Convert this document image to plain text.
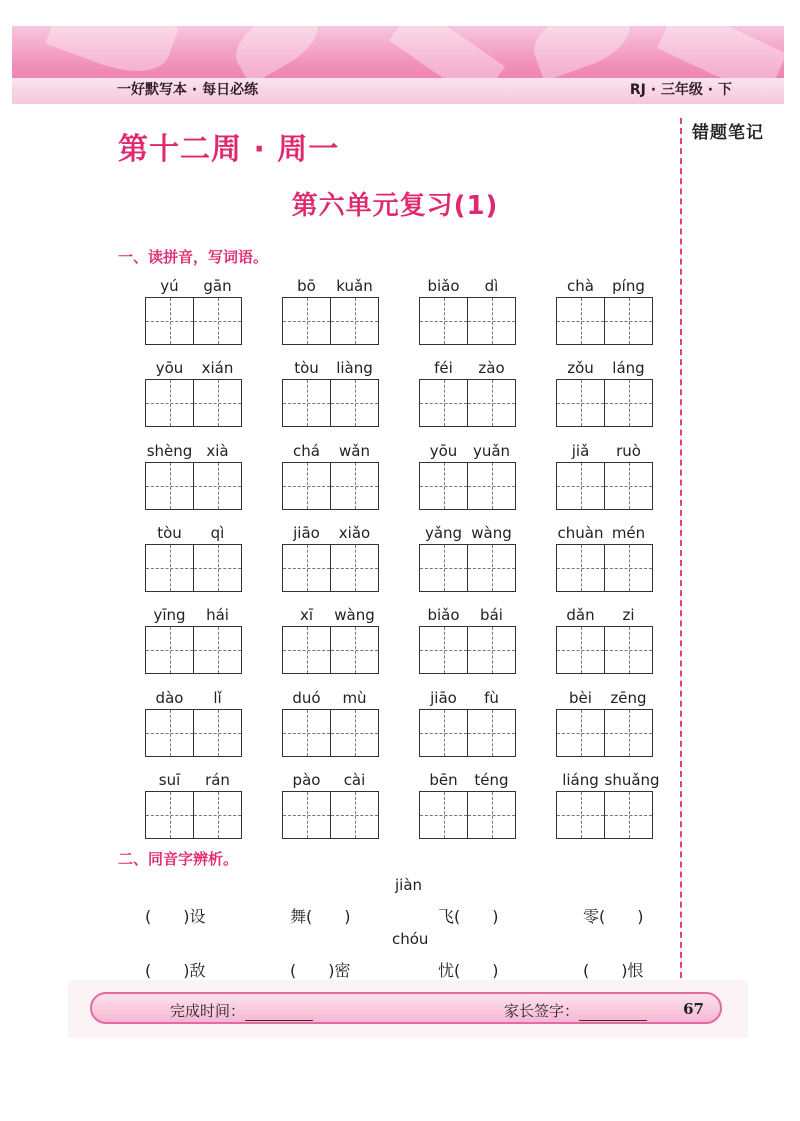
一好默写本 · 每日必练	RJ · 三年级 · 下
错题笔记
第十二周 · 周一
第六单元复习(1)
一、读拼音，写词语。
yú gān	bō kuǎn	biǎo dì	chà píng
yōu xián	tòu liàng	féi zào	zǒu láng
shèng xià	chá wǎn	yōu yuǎn	jiǎ ruò
tòu qì	jiāo xiǎo	yǎng wàng	chuàn mén
yīng hái	xī wàng	biǎo bái	dǎn zi
dào lǐ	duó mù	jiāo fù	bèi zēng
suī rán	pào cài	bēn téng	liáng shuǎng
二、同音字辨析。
jiàn
(　　)设	舞(　　)	飞(　　)	零(　　)
chóu
(　　)敌	(　　)密	忧(　　)	(　　)恨
完成时间：	家长签字：	67
